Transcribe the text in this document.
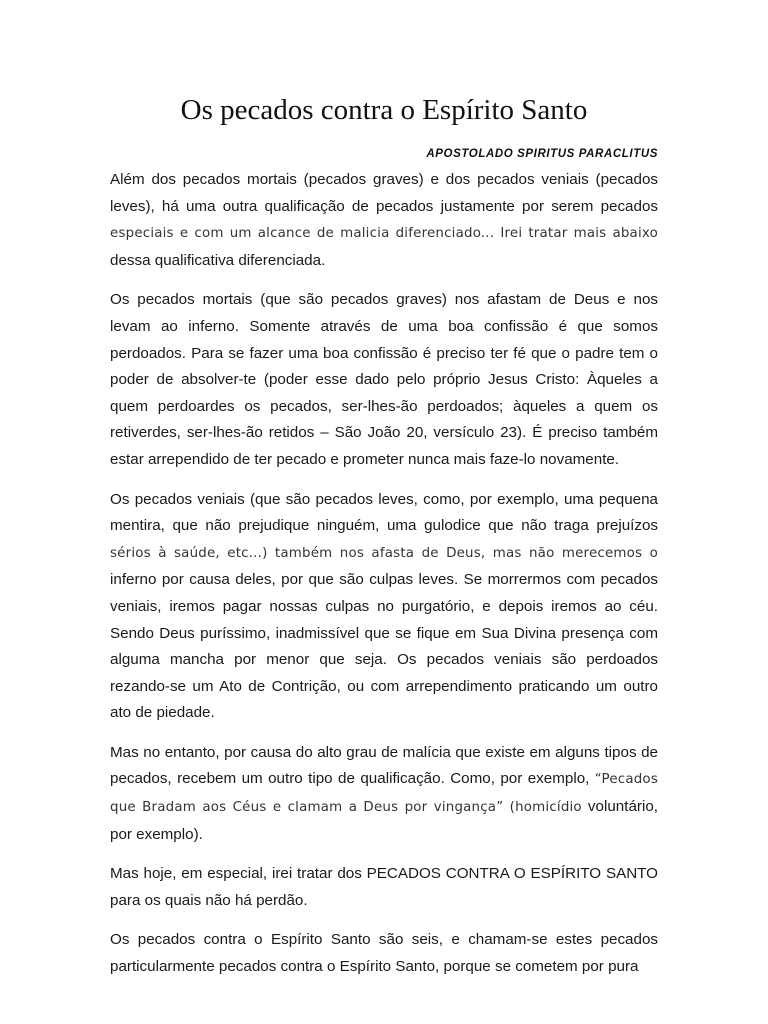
Os pecados contra o Espírito Santo
APOSTOLADO SPIRITUS PARACLITUS

Além dos pecados mortais (pecados graves) e dos pecados veniais (pecados leves), há uma outra qualificação de pecados justamente por serem pecados especiais e com um alcance de malicia diferenciado... Irei tratar mais abaixo dessa qualificativa diferenciada.

Os pecados mortais (que são pecados graves) nos afastam de Deus e nos levam ao inferno. Somente através de uma boa confissão é que somos perdoados. Para se fazer uma boa confissão é preciso ter fé que o padre tem o poder de absolver-te (poder esse dado pelo próprio Jesus Cristo: Àqueles a quem perdoardes os pecados, ser-lhes-ão perdoados; àqueles a quem os retiverdes, ser-lhes-ão retidos – São João 20, versículo 23). É preciso também estar arrependido de ter pecado e prometer nunca mais faze-lo novamente.

Os pecados veniais (que são pecados leves, como, por exemplo, uma pequena mentira, que não prejudique ninguém, uma gulodice que não traga prejuízos sérios à saúde, etc...) também nos afasta de Deus, mas não merecemos o inferno por causa deles, por que são culpas leves. Se morrermos com pecados veniais, iremos pagar nossas culpas no purgatório, e depois iremos ao céu. Sendo Deus puríssimo, inadmissível que se fique em Sua Divina presença com alguma mancha por menor que seja. Os pecados veniais são perdoados rezando-se um Ato de Contrição, ou com arrependimento praticando um outro ato de piedade.

Mas no entanto, por causa do alto grau de malícia que existe em alguns tipos de pecados, recebem um outro tipo de qualificação. Como, por exemplo, “Pecados que Bradam aos Céus e clamam a Deus por vingança” (homicídio voluntário, por exemplo).

Mas hoje, em especial, irei tratar dos PECADOS CONTRA O ESPÍRITO SANTO para os quais não há perdão.

Os pecados contra o Espírito Santo são seis, e chamam-se estes pecados particularmente pecados contra o Espírito Santo, porque se cometem por pura
